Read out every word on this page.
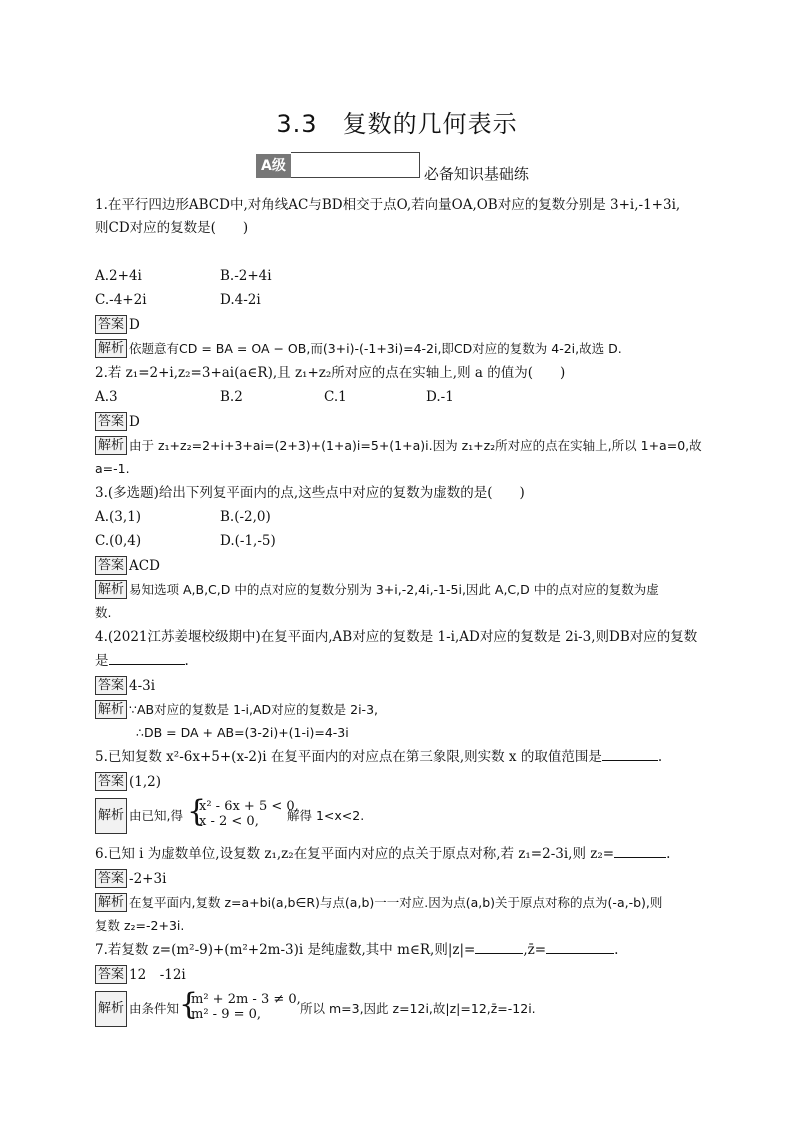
3.3　复数的几何表示
A级	必备知识基础练
1.在平行四边形ABCD中,对角线AC与BD相交于点O,若向量OA,OB对应的复数分别是 3+i,-1+3i,
则CD对应的复数是(　　)
A.2+4i	B.-2+4i
C.-4+2i	D.4-2i
答案 D
解析 依题意有CD = BA = OA − OB,而(3+i)-(-1+3i)=4-2i,即CD对应的复数为 4-2i,故选 D.
2.若 z₁=2+i,z₂=3+ai(a∈R),且 z₁+z₂所对应的点在实轴上,则 a 的值为(　　)
A.3	B.2	C.1	D.-1
答案 D
解析 由于 z₁+z₂=2+i+3+ai=(2+3)+(1+a)i=5+(1+a)i.因为 z₁+z₂所对应的点在实轴上,所以 1+a=0,故
a=-1.
3.(多选题)给出下列复平面内的点,这些点中对应的复数为虚数的是(　　)
A.(3,1)	B.(-2,0)
C.(0,4)	D.(-1,-5)
答案 ACD
解析 易知选项 A,B,C,D 中的点对应的复数分别为 3+i,-2,4i,-1-5i,因此 A,C,D 中的点对应的复数为虚
数.
4.(2021江苏姜堰校级期中)在复平面内,AB对应的复数是 1-i,AD对应的复数是 2i-3,则DB对应的复数
是	.
答案 4-3i
解析 ∵AB对应的复数是 1-i,AD对应的复数是 2i-3,
∴DB = DA + AB=(3-2i)+(1-i)=4-3i
5.已知复数 x²-6x+5+(x-2)i 在复平面内的对应点在第三象限,则实数 x 的取值范围是	.
答案 (1,2)
解析 由已知,得 {
x² - 6x + 5 < 0,
x - 2 < 0, 解得 1<x<2.
6.已知 i 为虚数单位,设复数 z₁,z₂在复平面内对应的点关于原点对称,若 z₁=2-3i,则 z₂=	.
答案 -2+3i
解析 在复平面内,复数 z=a+bi(a,b∈R)与点(a,b)一一对应.因为点(a,b)关于原点对称的点为(-a,-b),则
复数 z₂=-2+3i.
7.若复数 z=(m²-9)+(m²+2m-3)i 是纯虚数,其中 m∈R,则|z|=	,z̄=	.
答案 12　-12i
解析 由条件知 {
m² + 2m - 3 ≠ 0,
m² - 9 = 0,	所以 m=3,因此 z=12i,故|z|=12,z̄=-12i.
